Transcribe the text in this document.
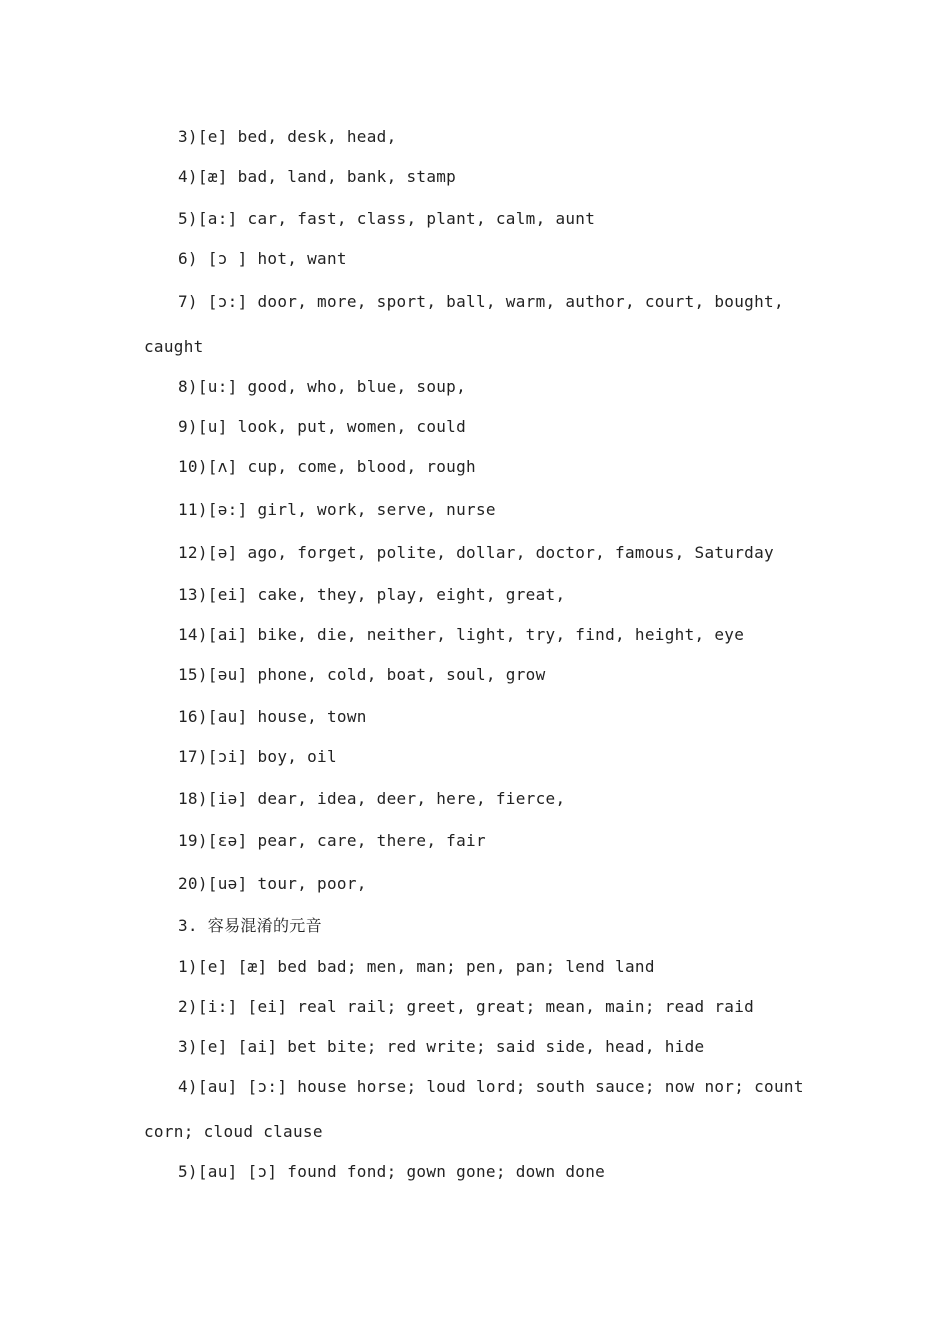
3)[e] bed, desk, head,
4)[æ] bad, land, bank, stamp
5)[a:] car, fast, class, plant, calm, aunt
6) [ɔ ] hot, want
7) [ɔ:] door, more, sport, ball, warm, author, court, bought,
caught
8)[u:] good, who, blue, soup,
9)[u] look, put, women, could
10)[ʌ] cup, come, blood, rough
11)[ə:] girl, work, serve, nurse
12)[ə] ago, forget, polite, dollar, doctor, famous, Saturday
13)[ei] cake, they, play, eight, great,
14)[ai] bike, die, neither, light, try, find, height, eye
15)[əu] phone, cold, boat, soul, grow
16)[au] house, town
17)[ɔi] boy, oil
18)[iə] dear, idea, deer, here, fierce,
19)[εə] pear, care, there, fair
20)[uə] tour, poor,
3. 容易混淆的元音
1)[e] [æ] bed bad; men, man; pen, pan; lend land
2)[i:] [ei] real rail; greet, great; mean, main; read raid
3)[e] [ai] bet bite; red write; said side, head, hide
4)[au] [ɔ:] house horse; loud lord; south sauce; now nor; count
corn; cloud clause
5)[au] [ɔ] found fond; gown gone; down done
